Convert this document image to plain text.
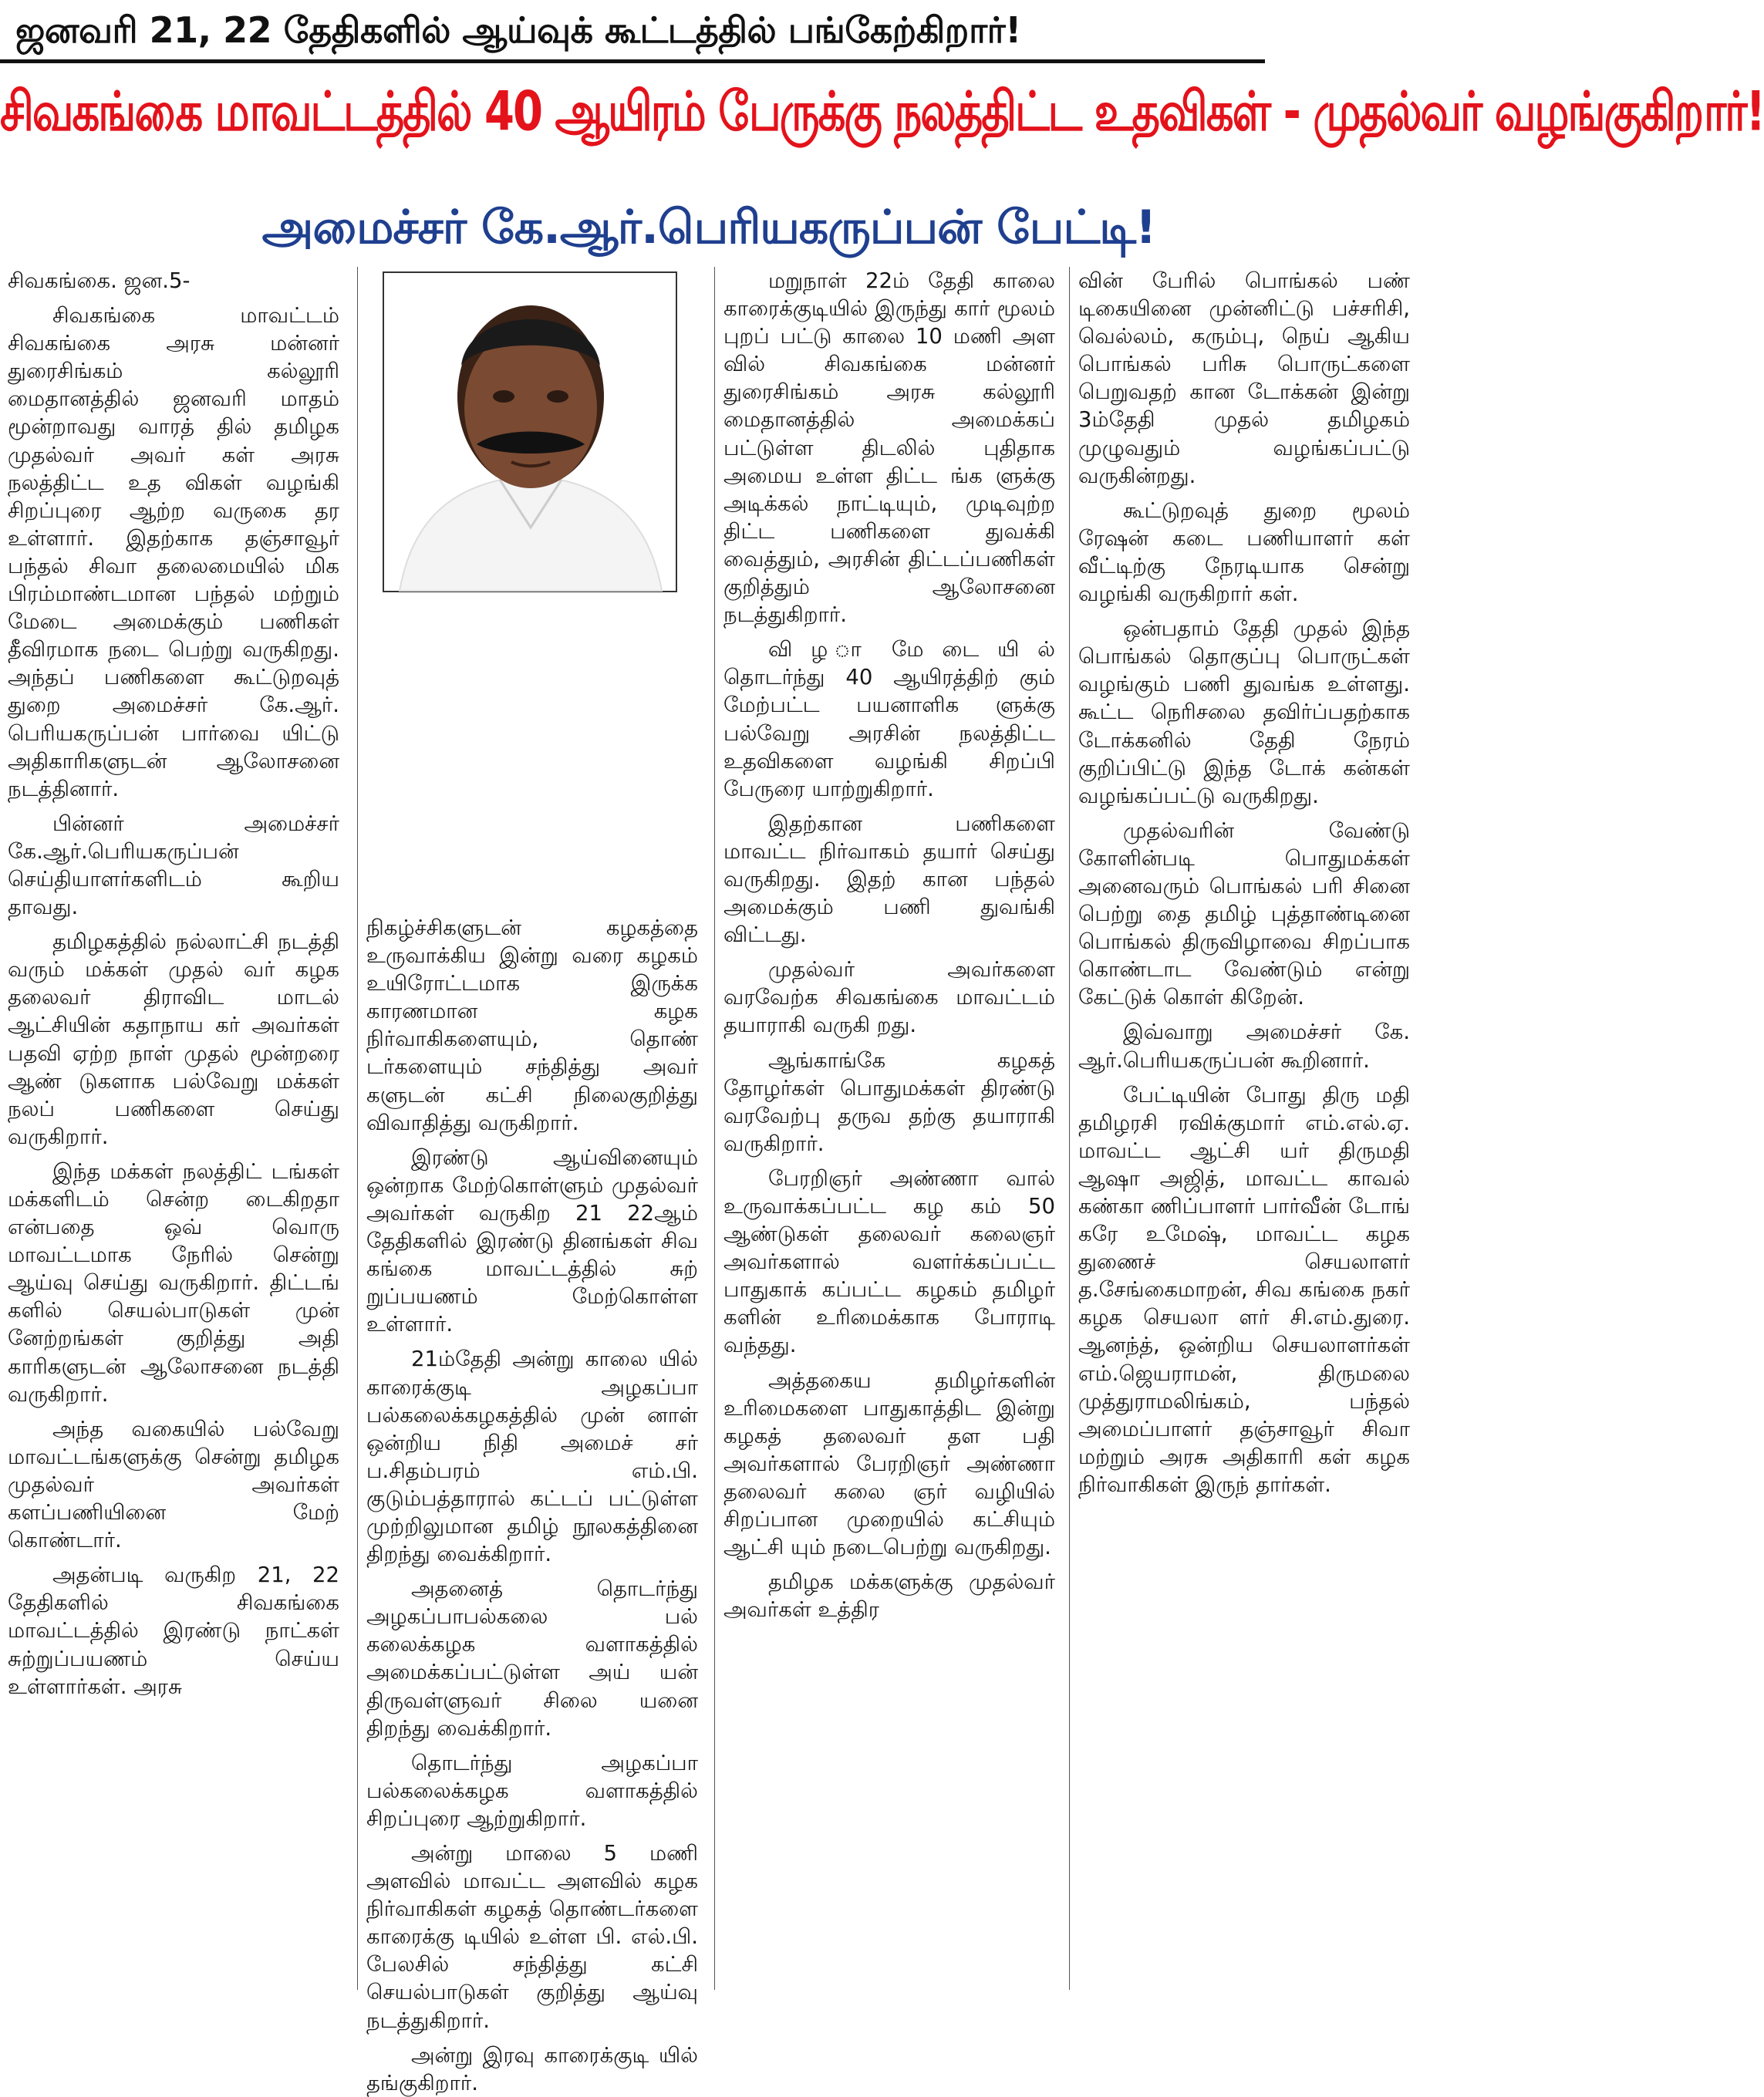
ஜனவரி 21, 22 தேதிகளில் ஆய்வுக் கூட்டத்தில் பங்கேற்கிறார்!
சிவகங்கை மாவட்டத்தில் 40 ஆயிரம் பேருக்கு நலத்திட்ட உதவிகள் - முதல்வர் வழங்குகிறார்!
அமைச்சர் கே.ஆர்.பெரியகருப்பன் பேட்டி!

சிவகங்கை. ஜன.5-

சிவகங்கை மாவட்டம் சிவகங்கை அரசு மன்னர் துரைசிங்கம் கல்லூரி மைதானத்தில் ஜனவரி மாதம் மூன்றாவது வாரத் தில் தமிழக முதல்வர் அவர் கள் அரசு நலத்திட்ட உத விகள் வழங்கி சிறப்புரை ஆற்ற வருகை தர உள்ளார். இதற்காக தஞ்சாவூர் பந்தல் சிவா தலைமையில் மிக பிரம்மாண்டமான பந்தல் மற்றும் மேடை அமைக்கும் பணிகள் தீவிரமாக நடை பெற்று வருகிறது. அந்தப் பணிகளை கூட்டுறவுத் துறை அமைச்சர் கே.ஆர். பெரியகருப்பன் பார்வை யிட்டு அதிகாரிகளுடன் ஆலோசனை நடத்தினார்.

பின்னர் அமைச்சர் கே.ஆர்.பெரியகருப்பன் செய்தியாளர்களிடம் கூறிய தாவது.

தமிழகத்தில் நல்லாட்சி நடத்தி வரும் மக்கள் முதல் வர் கழக தலைவர் திராவிட மாடல் ஆட்சியின் கதாநாய கர் அவர்கள் பதவி ஏற்ற நாள் முதல் மூன்றரை ஆண் டுகளாக பல்வேறு மக்கள் நலப் பணிகளை செய்து வருகிறார்.

இந்த மக்கள் நலத்திட் டங்கள் மக்களிடம் சென்ற டைகிறதா என்பதை ஒவ் வொரு மாவட்டமாக நேரில் சென்று ஆய்வு செய்து வருகிறார். திட்டங் களில் செயல்பாடுகள் முன் னேற்றங்கள் குறித்து அதி காரிகளுடன் ஆலோசனை நடத்தி வருகிறார்.

அந்த வகையில் பல்வேறு மாவட்டங்களுக்கு சென்று தமிழக முதல்வர் அவர்கள் களப்பணியினை மேற் கொண்டார்.

அதன்படி வருகிற 21, 22 தேதிகளில் சிவகங்கை மாவட்டத்தில் இரண்டு நாட்கள் சுற்றுப்பயணம் செய்ய உள்ளார்கள். அரசு

நிகழ்ச்சிகளுடன் கழகத்தை உருவாக்கிய இன்று வரை கழகம் உயிரோட்டமாக இருக்க காரணமான கழக நிர்வாகிகளையும், தொண் டர்களையும் சந்தித்து அவர் களுடன் கட்சி நிலைகுறித்து விவாதித்து வருகிறார்.

இரண்டு ஆய்வினையும் ஒன்றாக மேற்கொள்ளும் முதல்வர் அவர்கள் வருகிற 21 22ஆம் தேதிகளில் இரண்டு தினங்கள் சிவ கங்கை மாவட்டத்தில் சுற் றுப்பயணம் மேற்கொள்ள உள்ளார்.

21ம்தேதி அன்று காலை யில் காரைக்குடி அழகப்பா பல்கலைக்கழகத்தில் முன் னாள் ஒன்றிய நிதி அமைச் சர் ப.சிதம்பரம் எம்.பி. குடும்பத்தாரால் கட்டப் பட்டுள்ள முற்றிலுமான தமிழ் நூலகத்தினை திறந்து வைக்கிறார்.

அதனைத் தொடர்ந்து அழகப்பாபல்கலை பல் கலைக்கழக வளாகத்தில் அமைக்கப்பட்டுள்ள அய் யன் திருவள்ளுவர் சிலை யனை திறந்து வைக்கிறார்.

தொடர்ந்து அழகப்பா பல்கலைக்கழக வளாகத்தில் சிறப்புரை ஆற்றுகிறார்.

அன்று மாலை 5 மணி அளவில் மாவட்ட அளவில் கழக நிர்வாகிகள் கழகத் தொண்டர்களை காரைக்கு டியில் உள்ள பி. எல்.பி. பேலசில் சந்தித்து கட்சி செயல்பாடுகள் குறித்து ஆய்வு நடத்துகிறார்.

அன்று இரவு காரைக்குடி யில் தங்குகிறார்.

மறுநாள் 22ம் தேதி காலை காரைக்குடியில் இருந்து கார் மூலம் புறப் பட்டு காலை 10 மணி அள வில் சிவகங்கை மன்னர் துரைசிங்கம் அரசு கல்லூரி மைதானத்தில் அமைக்கப் பட்டுள்ள திடலில் புதிதாக அமைய உள்ள திட்ட ங்க ளுக்கு அடிக்கல் நாட்டியும், முடிவுற்ற திட்ட பணிகளை துவக்கி வைத்தும், அரசின் திட்டப்பணிகள் குறித்தும் ஆலோசனை நடத்துகிறார்.

வி ழ ா மே டை யி ல் தொடர்ந்து 40 ஆயிரத்திற் கும் மேற்பட்ட பயனாளிக ளுக்கு பல்வேறு அரசின் நலத்திட்ட உதவிகளை வழங்கி சிறப்பி பேருரை யாற்றுகிறார்.

இதற்கான பணிகளை மாவட்ட நிர்வாகம் தயார் செய்து வருகிறது. இதற் கான பந்தல் அமைக்கும் பணி துவங்கி விட்டது.

முதல்வர் அவர்களை வரவேற்க சிவகங்கை மாவட்டம் தயாராகி வருகி றது.

ஆங்காங்கே கழகத் தோழர்கள் பொதுமக்கள் திரண்டு வரவேற்பு தருவ தற்கு தயாராகி வருகிறார்.

பேரறிஞர் அண்ணா வால் உருவாக்கப்பட்ட கழ கம் 50 ஆண்டுகள் தலைவர் கலைஞர் அவர்களால் வளர்க்கப்பட்ட பாதுகாக் கப்பட்ட கழகம் தமிழர் களின் உரிமைக்காக போராடி வந்தது.

அத்தகைய தமிழர்களின் உரிமைகளை பாதுகாத்திட இன்று கழகத் தலைவர் தள பதி அவர்களால் பேரறிஞர் அண்ணா தலைவர் கலை ஞர் வழியில் சிறப்பான முறையில் கட்சியும் ஆட்சி யும் நடைபெற்று வருகிறது.

தமிழக மக்களுக்கு முதல்வர் அவர்கள் உத்திர

வின் பேரில் பொங்கல் பண் டிகையினை முன்னிட்டு பச்சரிசி, வெல்லம், கரும்பு, நெய் ஆகிய பொங்கல் பரிசு பொருட்களை பெறுவதற் கான டோக்கன் இன்று 3ம்தேதி முதல் தமிழகம் முழுவதும் வழங்கப்பட்டு வருகின்றது.

கூட்டுறவுத் துறை மூலம் ரேஷன் கடை பணியாளர் கள் வீட்டிற்கு நேரடியாக சென்று வழங்கி வருகிறார் கள்.

ஒன்பதாம் தேதி முதல் இந்த பொங்கல் தொகுப்பு பொருட்கள் வழங்கும் பணி துவங்க உள்ளது. கூட்ட நெரிசலை தவிர்ப்பதற்காக டோக்கனில் தேதி நேரம் குறிப்பிட்டு இந்த டோக் கன்கள் வழங்கப்பட்டு வருகிறது.

முதல்வரின் வேண்டு கோளின்படி பொதுமக்கள் அனைவரும் பொங்கல் பரி சினை பெற்று தை தமிழ் புத்தாண்டினை பொங்கல் திருவிழாவை சிறப்பாக கொண்டாட வேண்டும் என்று கேட்டுக் கொள் கிறேன்.

இவ்வாறு அமைச்சர் கே. ஆர்.பெரியகருப்பன் கூறினார்.

பேட்டியின் போது திரு மதி தமிழரசி ரவிக்குமார் எம்.எல்.ஏ. மாவட்ட ஆட்சி யர் திருமதி ஆஷா அஜித், மாவட்ட காவல் கண்கா ணிப்பாளர் பார்வீன் டோங் கரே உமேஷ், மாவட்ட கழக துணைச் செயலாளர் த.சேங்கைமாறன், சிவ கங்கை நகர் கழக செயலா ளர் சி.எம்.துரை. ஆனந்த், ஒன்றிய செயலாளர்கள் எம்.ஜெயராமன், திருமலை முத்துராமலிங்கம், பந்தல் அமைப்பாளர் தஞ்சாவூர் சிவா மற்றும் அரசு அதிகாரி கள் கழக நிர்வாகிகள் இருந் தார்கள்.
